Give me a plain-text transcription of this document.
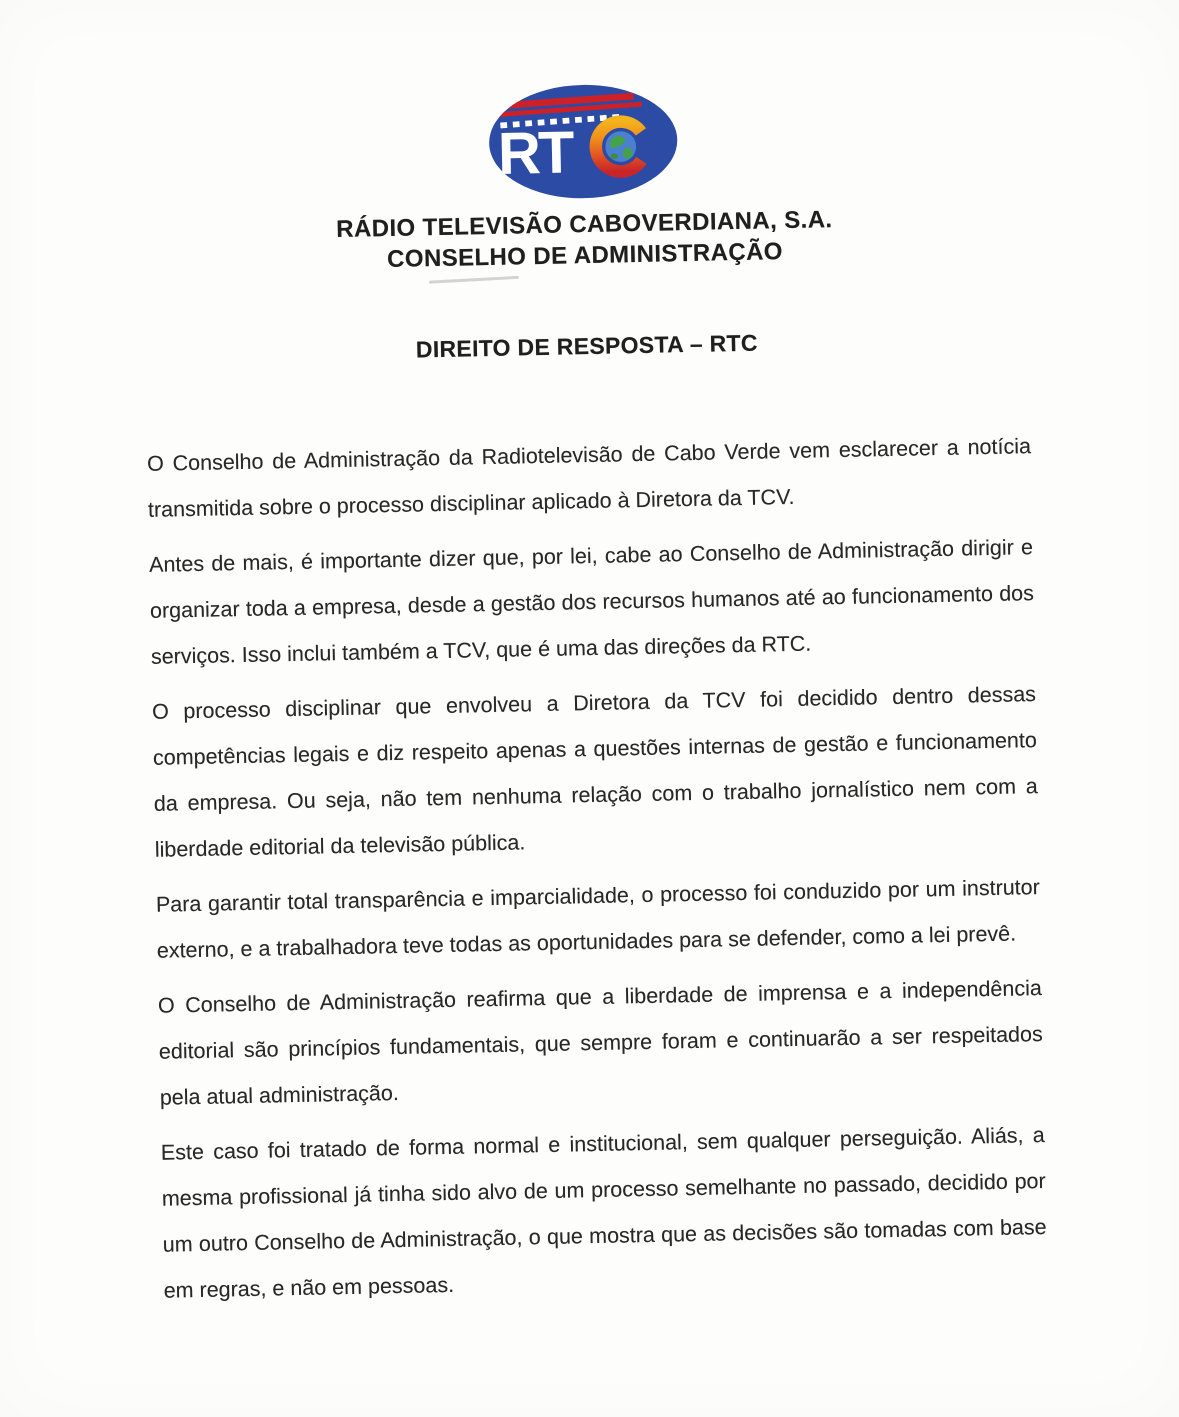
RT
RÁDIO TELEVISÃO CABOVERDIANA, S.A.
CONSELHO DE ADMINISTRAÇÃO
DIREITO DE RESPOSTA – RTC

O Conselho de Administração da Radiotelevisão de Cabo Verde vem esclarecer a notícia transmitida sobre o processo disciplinar aplicado à Diretora da TCV.

Antes de mais, é importante dizer que, por lei, cabe ao Conselho de Administração dirigir e organizar toda a empresa, desde a gestão dos recursos humanos até ao funcionamento dos serviços. Isso inclui também a TCV, que é uma das direções da RTC.

O processo disciplinar que envolveu a Diretora da TCV foi decidido dentro dessas competências legais e diz respeito apenas a questões internas de gestão e funcionamento da empresa. Ou seja, não tem nenhuma relação com o trabalho jornalístico nem com a liberdade editorial da televisão pública.

Para garantir total transparência e imparcialidade, o processo foi conduzido por um instrutor externo, e a trabalhadora teve todas as oportunidades para se defender, como a lei prevê.

O Conselho de Administração reafirma que a liberdade de imprensa e a independência editorial são princípios fundamentais, que sempre foram e continuarão a ser respeitados pela atual administração.

Este caso foi tratado de forma normal e institucional, sem qualquer perseguição. Aliás, a mesma profissional já tinha sido alvo de um processo semelhante no passado, decidido por um outro Conselho de Administração, o que mostra que as decisões são tomadas com base em regras, e não em pessoas.
